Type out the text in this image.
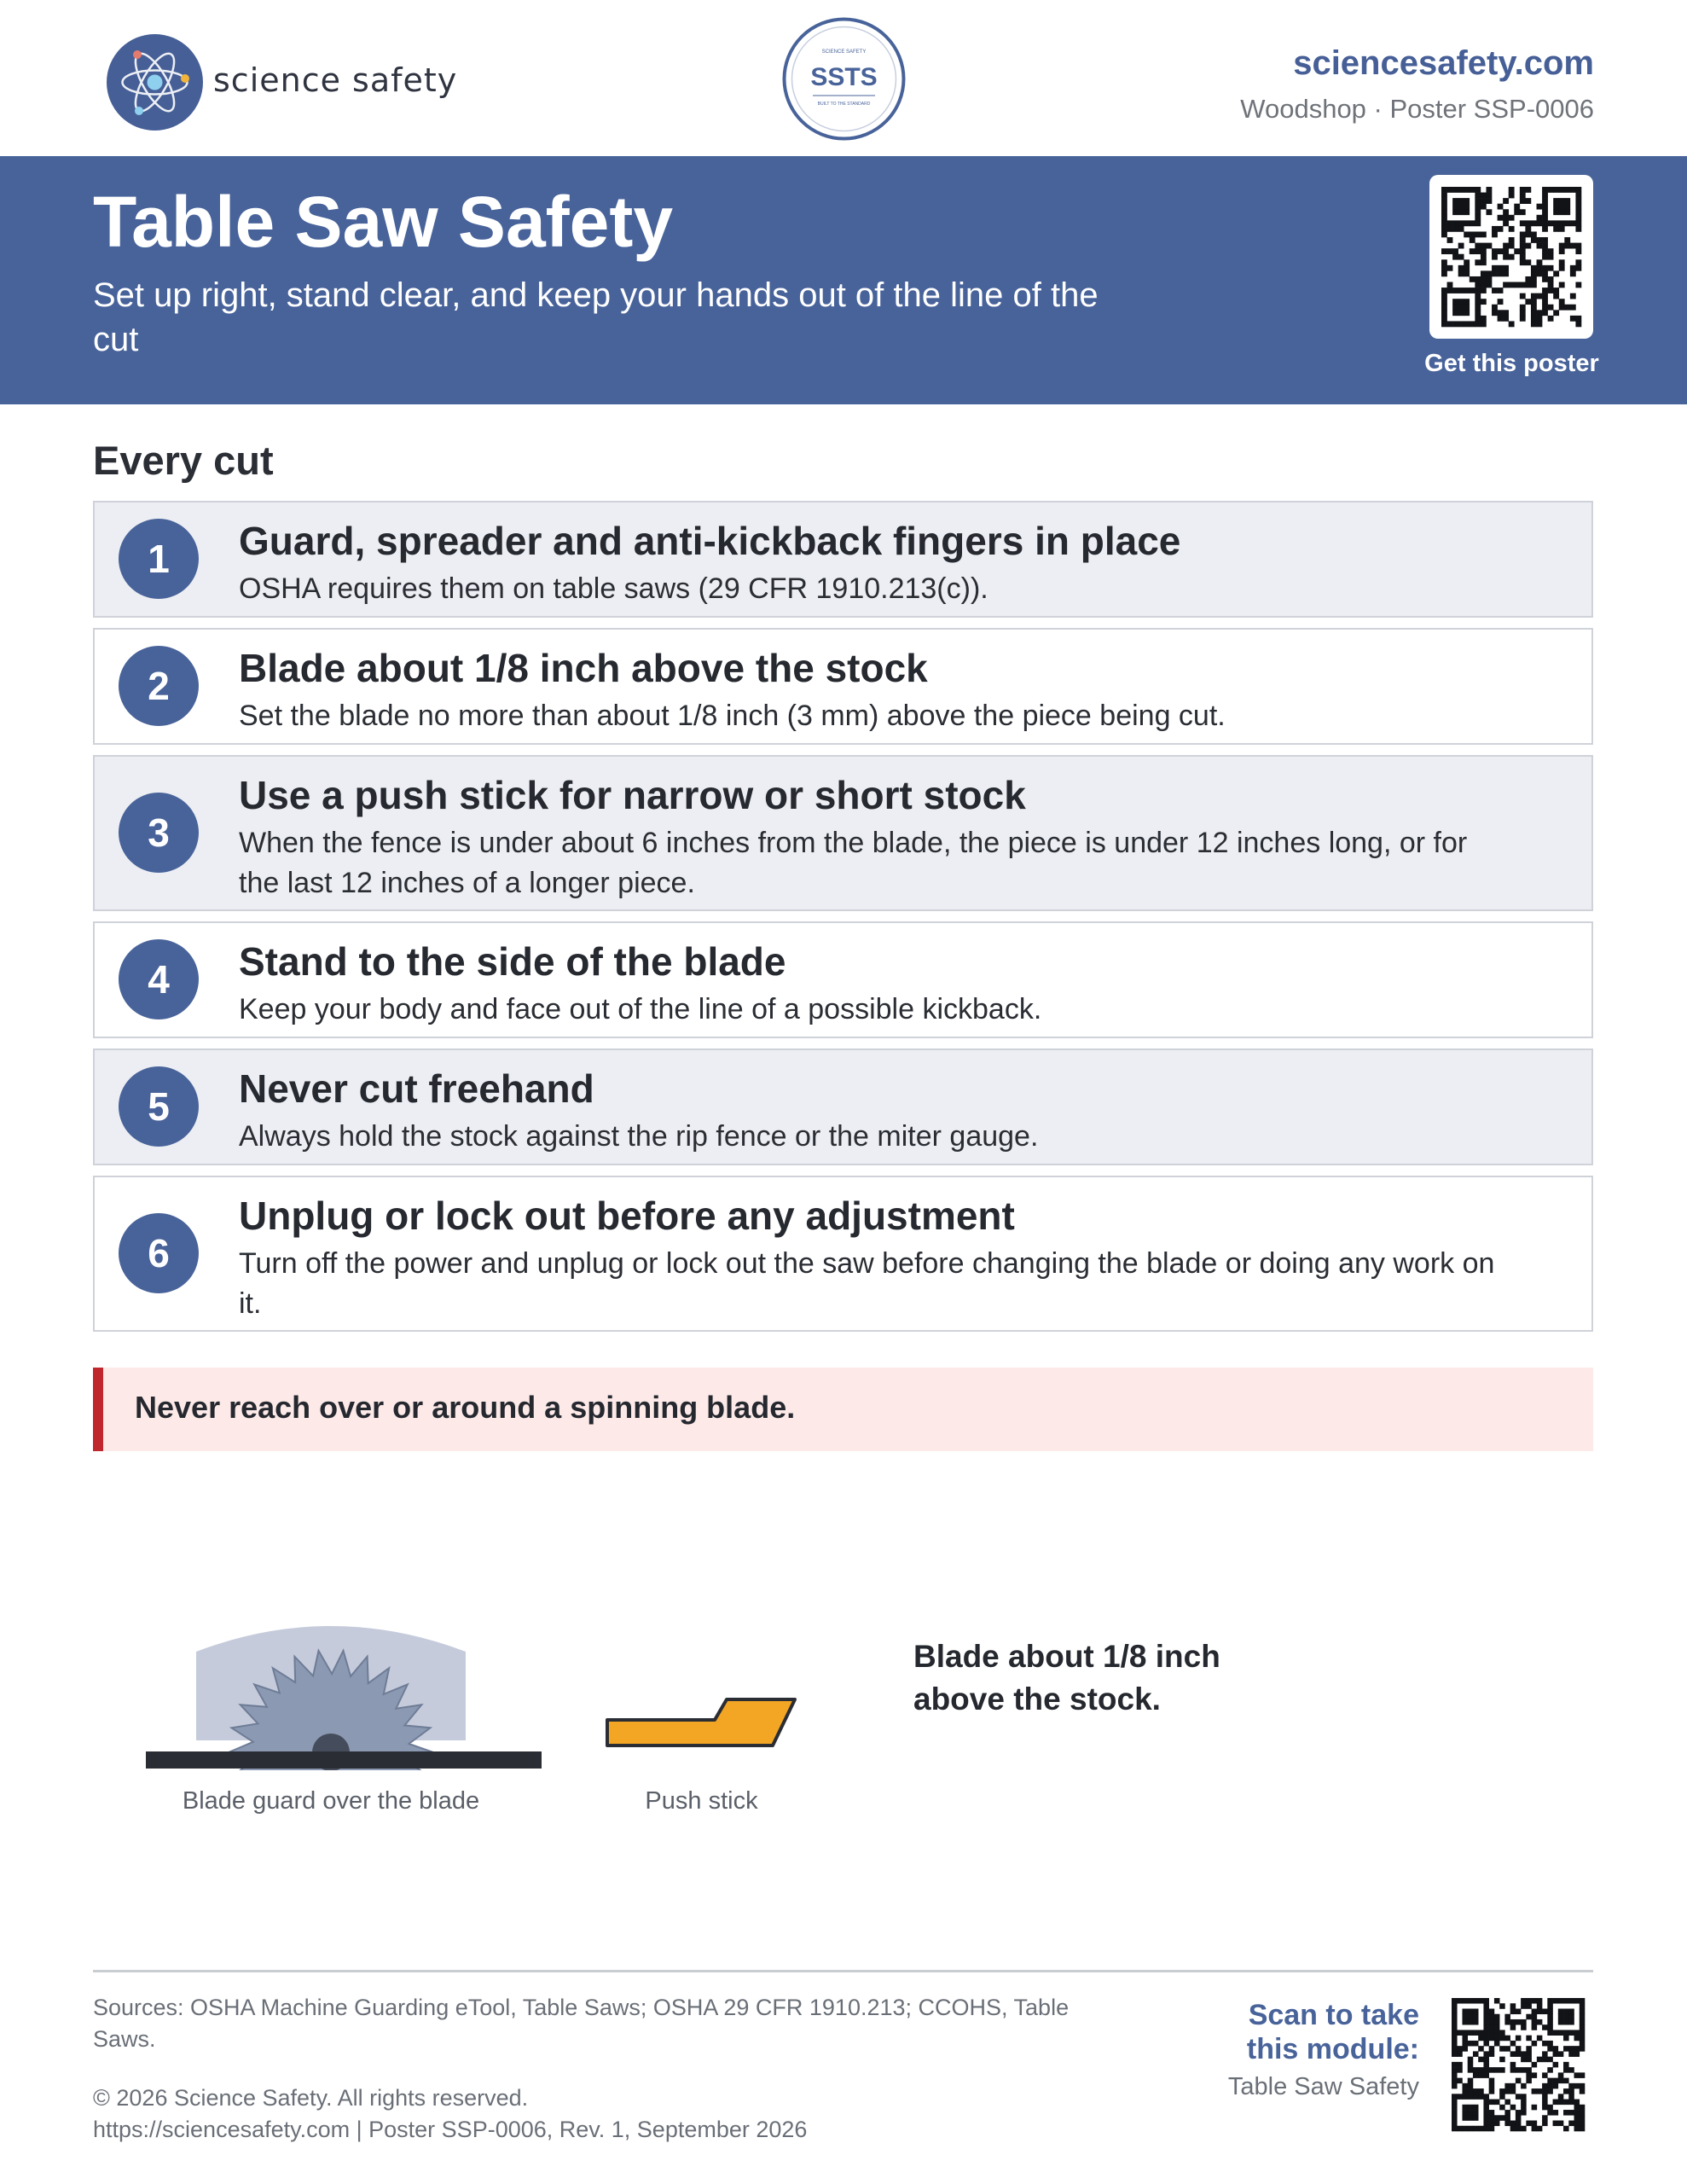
science safety
SCIENCE SAFETY
SSTS
BUILT TO THE STANDARD
sciencesafety.com
Woodshop · Poster SSP-0006
Table Saw Safety
Set up right, stand clear, and keep your hands out of the line of the cut
Get this poster
Every cut
1	Guard, spreader and anti-kickback fingers in place
OSHA requires them on table saws (29 CFR 1910.213(c)).
2	Blade about 1/8 inch above the stock
Set the blade no more than about 1/8 inch (3 mm) above the piece being cut.
3
Use a push stick for narrow or short stock
When the fence is under about 6 inches from the blade, the piece is under 12 inches long, or for the last 12 inches of a longer piece.
4	Stand to the side of the blade
Keep your body and face out of the line of a possible kickback.
5	Never cut freehand
Always hold the stock against the rip fence or the miter gauge.
6
Unplug or lock out before any adjustment
Turn off the power and unplug or lock out the saw before changing the blade or doing any work on it.
Never reach over or around a spinning blade.
Blade guard over the blade	Push stick
Blade about 1/8 inch above the stock.
Sources: OSHA Machine Guarding eTool, Table Saws; OSHA 29 CFR 1910.213; CCOHS, Table Saws.
© 2026 Science Safety. All rights reserved.
https://sciencesafety.com | Poster SSP-0006, Rev. 1, September 2026
Scan to take this module:
Table Saw Safety
